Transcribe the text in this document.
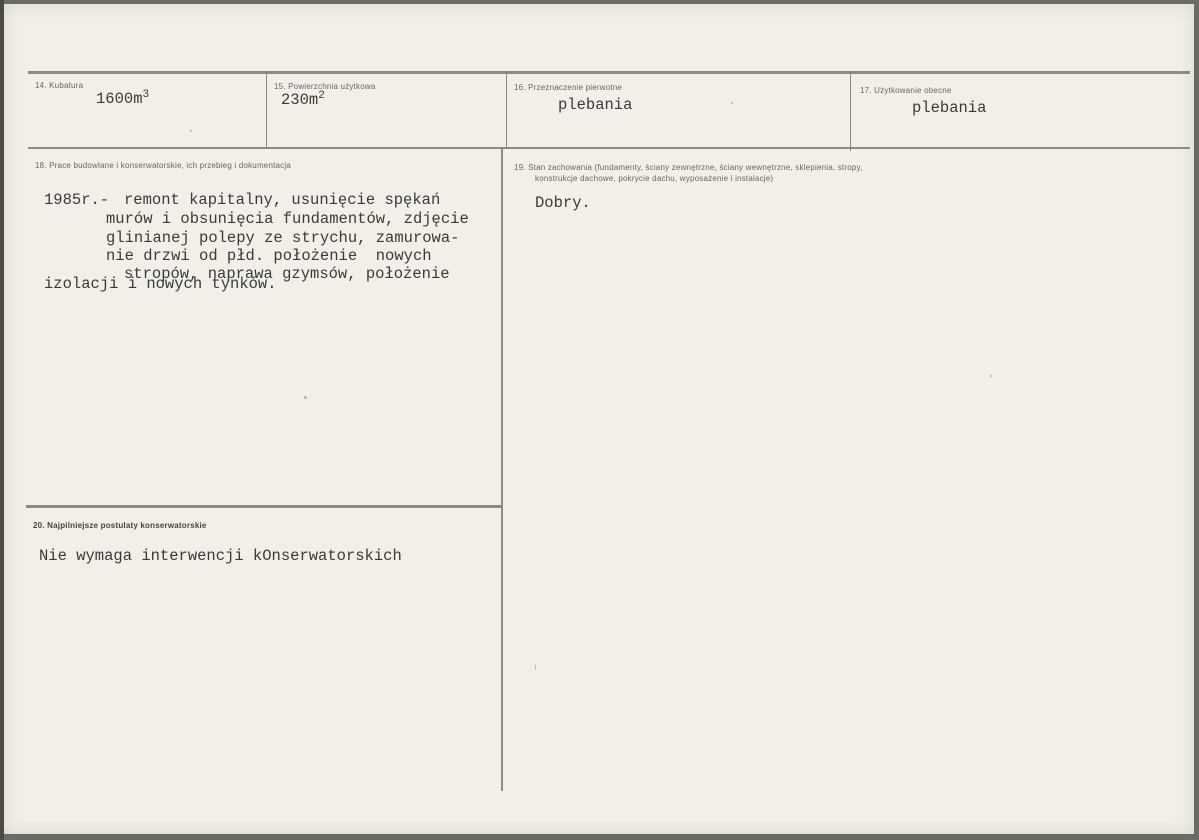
14. Kubatura
$1600m^3$
15. Powierzchnia użytkowa
$230m^2$
16. Przeznaczenie pierwotne
plebania
17. Użytkowanie obecne
plebania
18. Prace budowlane i konserwatorskie, ich przebieg i dokumentacja
1985r.- remont kapitalny, usunięcie spękań
murów i obsunięcia fundamentów, zdjęcie
glinianej polepy ze strychu, zamurowa-
nie drzwi od płd. położenie  nowych
stropów, naprawa gzymsów, położenie
izolacji i nowych tynków.
19. Stan zachowania (fundamenty, ściany zewnętrzne, ściany wewnętrzne, sklepienia, stropy,
konstrukcje dachowe, pokrycie dachu, wyposażenie i instalacje)
Dobry.
20. Najpilniejsze postulaty konserwatorskie
Nie wymaga interwencji kOnserwatorskich
